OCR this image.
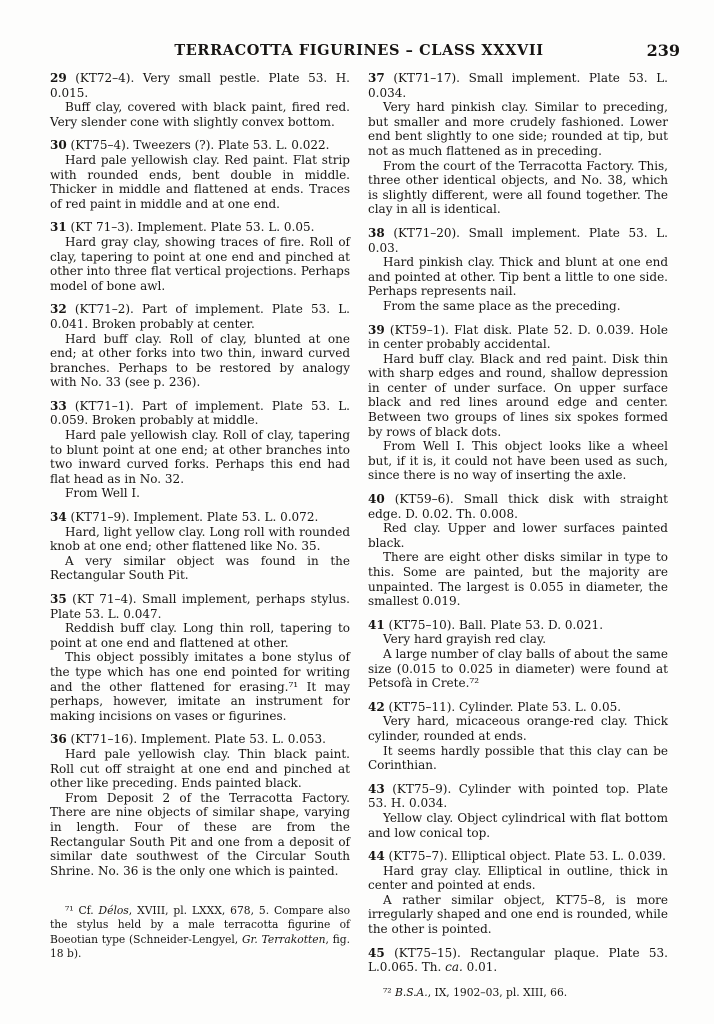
TERRACOTTA FIGURINES – CLASS XXXVII	239

29 (KT72–4). Very small pestle. Plate 53. H. 0.015.

Buff clay, covered with black paint, fired red. Very slender cone with slightly convex bottom.

30 (KT75–4). Tweezers (?). Plate 53. L. 0.022.

Hard pale yellowish clay. Red paint. Flat strip with rounded ends, bent double in middle. Thicker in middle and flattened at ends. Traces of red paint in middle and at one end.

31 (KT 71–3). Implement. Plate 53. L. 0.05.

Hard gray clay, showing traces of fire. Roll of clay, tapering to point at one end and pinched at other into three flat vertical projections. Perhaps model of bone awl.

32 (KT71–2). Part of implement. Plate 53. L. 0.041. Broken probably at center.

Hard buff clay. Roll of clay, blunted at one end; at other forks into two thin, inward curved branches. Perhaps to be restored by analogy with No. 33 (see p. 236).

33 (KT71–1). Part of implement. Plate 53. L. 0.059. Broken probably at middle.

Hard pale yellowish clay. Roll of clay, tapering to blunt point at one end; at other branches into two inward curved forks. Perhaps this end had flat head as in No. 32.

From Well I.

34 (KT71–9). Implement. Plate 53. L. 0.072.

Hard, light yellow clay. Long roll with rounded knob at one end; other flattened like No. 35.

A very similar object was found in the Rectangular South Pit.

35 (KT 71–4). Small implement, perhaps stylus. Plate 53. L. 0.047.

Reddish buff clay. Long thin roll, tapering to point at one end and flattened at other.

This object possibly imitates a bone stylus of the type which has one end pointed for writing and the other flattened for erasing.⁷¹ It may perhaps, however, imitate an instrument for making incisions on vases or figurines.

36 (KT71–16). Implement. Plate 53. L. 0.053.

Hard pale yellowish clay. Thin black paint. Roll cut off straight at one end and pinched at other like preceding. Ends painted black.

From Deposit 2 of the Terracotta Factory. There are nine objects of similar shape, varying in length. Four of these are from the Rectangular South Pit and one from a deposit of similar date southwest of the Circular South Shrine. No. 36 is the only one which is painted.

⁷¹ Cf. Délos, XVIII, pl. LXXX, 678, 5. Compare also the stylus held by a male terracotta figurine of Boeotian type (Schneider-Lengyel, Gr. Terrakotten, fig. 18 b).

37 (KT71–17). Small implement. Plate 53. L. 0.034.

Very hard pinkish clay. Similar to preceding, but smaller and more crudely fashioned. Lower end bent slightly to one side; rounded at tip, but not as much flattened as in preceding.

From the court of the Terracotta Factory. This, three other identical objects, and No. 38, which is slightly different, were all found together. The clay in all is identical.

38 (KT71–20). Small implement. Plate 53. L. 0.03.

Hard pinkish clay. Thick and blunt at one end and pointed at other. Tip bent a little to one side. Perhaps represents nail.

From the same place as the preceding.

39 (KT59–1). Flat disk. Plate 52. D. 0.039. Hole in center probably accidental.

Hard buff clay. Black and red paint. Disk thin with sharp edges and round, shallow depression in center of under surface. On upper surface black and red lines around edge and center. Between two groups of lines six spokes formed by rows of black dots.

From Well I. This object looks like a wheel but, if it is, it could not have been used as such, since there is no way of inserting the axle.

40 (KT59–6). Small thick disk with straight edge. D. 0.02. Th. 0.008.

Red clay. Upper and lower surfaces painted black.

There are eight other disks similar in type to this. Some are painted, but the majority are unpainted. The largest is 0.055 in diameter, the smallest 0.019.

41 (KT75–10). Ball. Plate 53. D. 0.021.

Very hard grayish red clay.

A large number of clay balls of about the same size (0.015 to 0.025 in diameter) were found at Petsofà in Crete.⁷²

42 (KT75–11). Cylinder. Plate 53. L. 0.05.

Very hard, micaceous orange-red clay. Thick cylinder, rounded at ends.

It seems hardly possible that this clay can be Corinthian.

43 (KT75–9). Cylinder with pointed top. Plate 53. H. 0.034.

Yellow clay. Object cylindrical with flat bottom and low conical top.

44 (KT75–7). Elliptical object. Plate 53. L. 0.039.

Hard gray clay. Elliptical in outline, thick in center and pointed at ends.

A rather similar object, KT75–8, is more irregularly shaped and one end is rounded, while the other is pointed.

45 (KT75–15). Rectangular plaque. Plate 53. L.0.065. Th. ca. 0.01.

⁷² B.S.A., IX, 1902–03, pl. XIII, 66.
